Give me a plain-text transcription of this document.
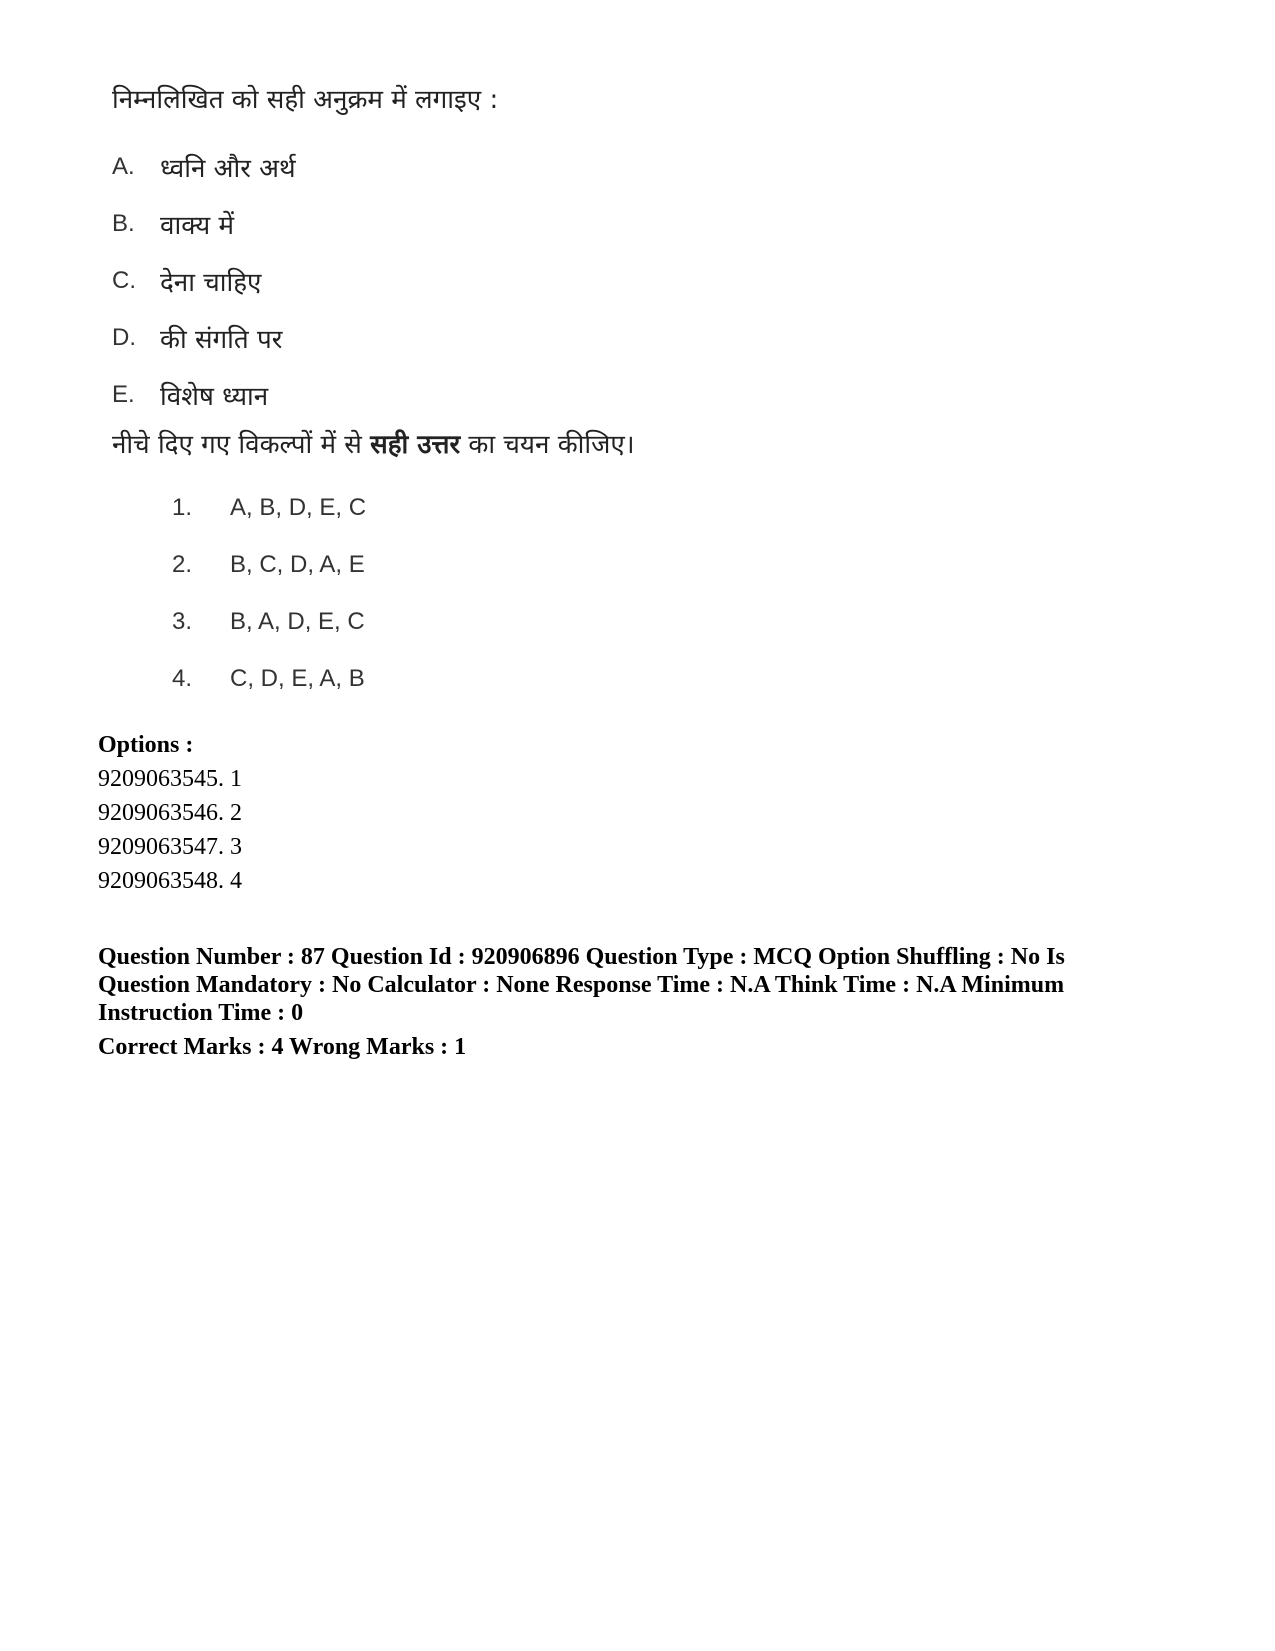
निम्नलिखित को सही अनुक्रम में लगाइए :
A. ध्वनि और अर्थ
B. वाक्य में
C. देना चाहिए
D. की संगति पर
E. विशेष ध्यान
नीचे दिए गए विकल्पों में से सही उत्तर का चयन कीजिए।
1.	A, B, D, E, C
2.	B, C, D, A, E
3.	B, A, D, E, C
4.	C, D, E, A, B
Options :
9209063545. 1
9209063546. 2
9209063547. 3
9209063548. 4
Question Number : 87 Question Id : 920906896 Question Type : MCQ Option Shuffling : No Is
Question Mandatory : No Calculator : None Response Time : N.A Think Time : N.A Minimum
Instruction Time : 0
Correct Marks : 4 Wrong Marks : 1
